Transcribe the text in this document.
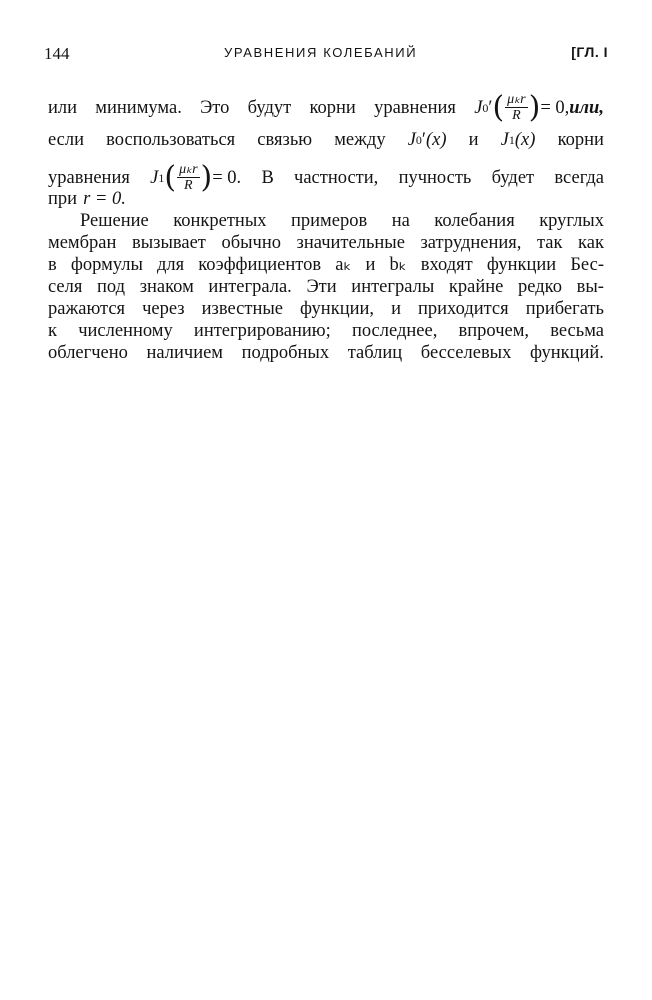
144	УРАВНЕНИЯ КОЛЕБАНИЙ	[ГЛ. I
или минимума. Это будут корни уравнения J 0 ′ ( $\frac{\text{μₖr}}{R}$ ) = 0, или,
если воспользоваться связью между J 0 ′ (x) и J 1 (x) корни
уравнения J 1 ( $\frac{\text{μₖr}}{R}$ ) = 0. В частности, пучность будет всегда
при r = 0.
Решение конкретных примеров на колебания круглых
мембран вызывает обычно значительные затруднения, так как
в формулы для коэффициентов aₖ и bₖ входят функции Бес-
селя под знаком интеграла. Эти интегралы крайне редко вы-
ражаются через известные функции, и приходится прибегать
к численному интегрированию; последнее, впрочем, весьма
облегчено наличием подробных таблиц бесселевых функций.
